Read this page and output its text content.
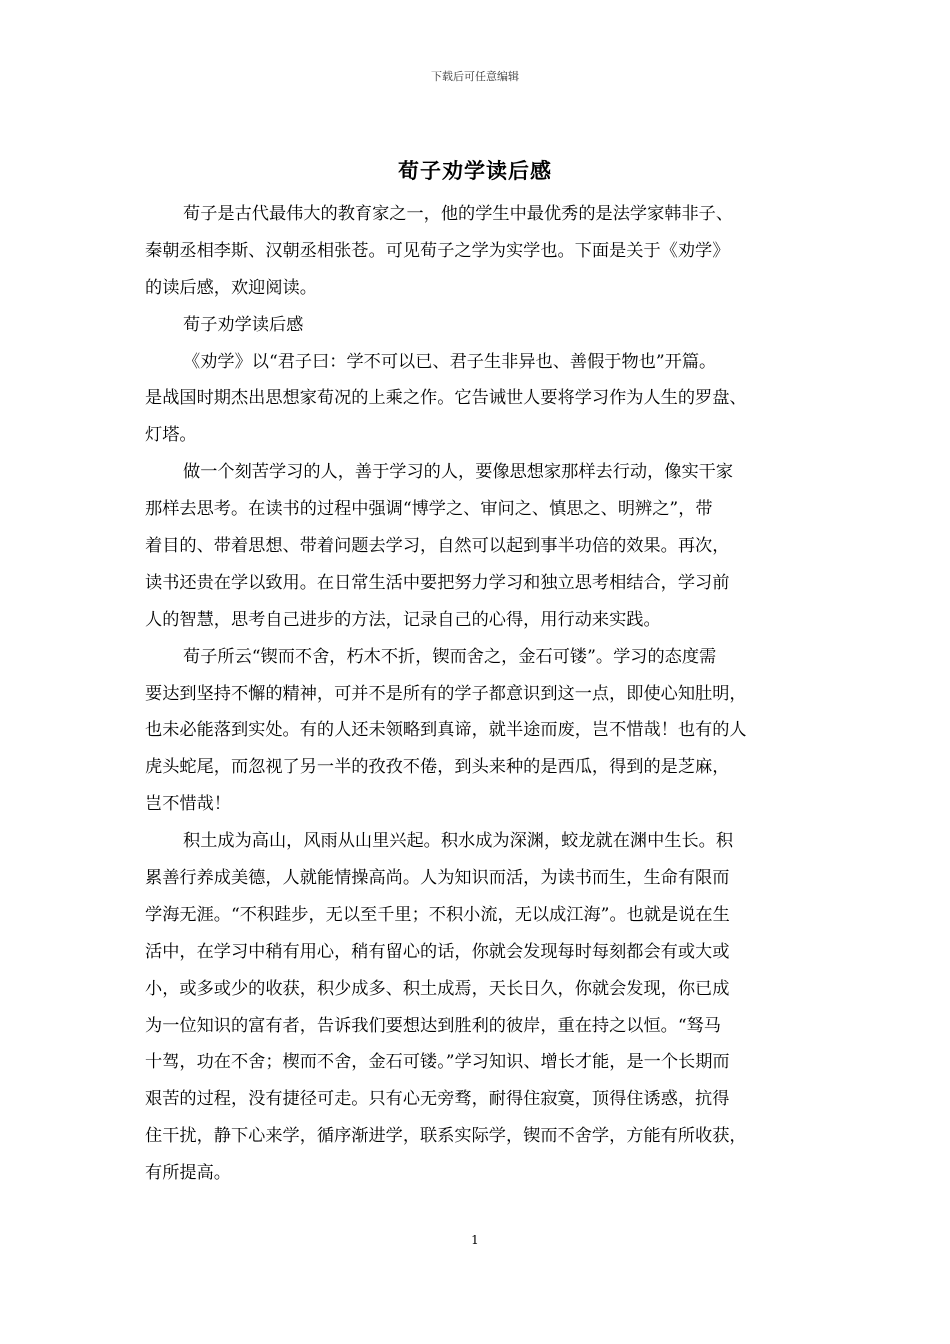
下载后可任意编辑
荀子劝学读后感
荀子是古代最伟大的教育家之一，他的学生中最优秀的是法学家韩非子、
秦朝丞相李斯、汉朝丞相张苍。可见荀子之学为实学也。下面是关于《劝学》
的读后感，欢迎阅读。
荀子劝学读后感
《劝学》以“君子曰：学不可以已、君子生非异也、善假于物也”开篇。
是战国时期杰出思想家荀况的上乘之作。它告诫世人要将学习作为人生的罗盘、
灯塔。
做一个刻苦学习的人，善于学习的人，要像思想家那样去行动，像实干家
那样去思考。在读书的过程中强调“博学之、审问之、慎思之、明辨之”，带
着目的、带着思想、带着问题去学习，自然可以起到事半功倍的效果。再次，
读书还贵在学以致用。在日常生活中要把努力学习和独立思考相结合，学习前
人的智慧，思考自己进步的方法，记录自己的心得，用行动来实践。
荀子所云“锲而不舍，朽木不折，锲而舍之，金石可镂”。学习的态度需
要达到坚持不懈的精神，可并不是所有的学子都意识到这一点，即使心知肚明，
也未必能落到实处。有的人还未领略到真谛，就半途而废，岂不惜哉！也有的人
虎头蛇尾，而忽视了另一半的孜孜不倦，到头来种的是西瓜，得到的是芝麻，
岂不惜哉！
积土成为高山，风雨从山里兴起。积水成为深渊，蛟龙就在渊中生长。积
累善行养成美德，人就能情操高尚。人为知识而活，为读书而生，生命有限而
学海无涯。“不积跬步，无以至千里；不积小流，无以成江海”。也就是说在生
活中，在学习中稍有用心，稍有留心的话，你就会发现每时每刻都会有或大或
小，或多或少的收获，积少成多、积土成焉，天长日久，你就会发现，你已成
为一位知识的富有者，告诉我们要想达到胜利的彼岸，重在持之以恒。“驽马
十驾，功在不舍；楔而不舍，金石可镂。”学习知识、增长才能，是一个长期而
艰苦的过程，没有捷径可走。只有心无旁骛，耐得住寂寞，顶得住诱惑，抗得
住干扰，静下心来学，循序渐进学，联系实际学，锲而不舍学，方能有所收获，
有所提高。
1
